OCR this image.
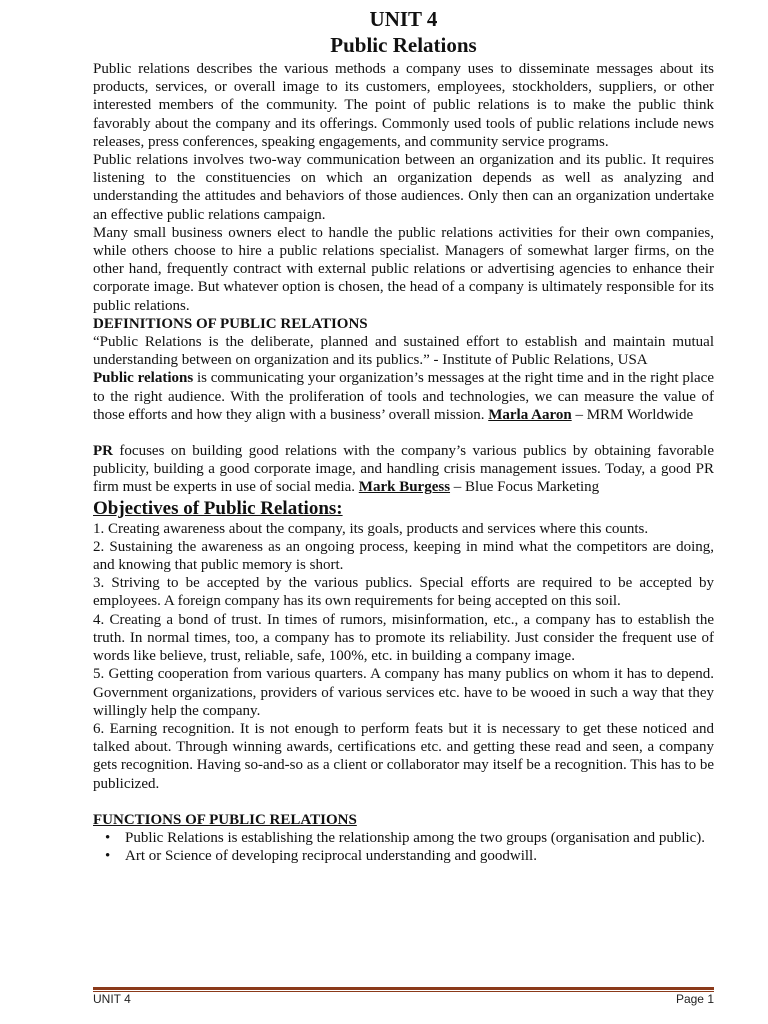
UNIT 4
Public Relations

Public relations describes the various methods a company uses to disseminate messages about its products, services, or overall image to its customers, employees, stockholders, suppliers, or other interested members of the community. The point of public relations is to make the public think favorably about the company and its offerings. Commonly used tools of public relations include news releases, press conferences, speaking engagements, and community service programs.

Public relations involves two-way communication between an organization and its public. It requires listening to the constituencies on which an organization depends as well as analyzing and understanding the attitudes and behaviors of those audiences. Only then can an organization undertake an effective public relations campaign.

Many small business owners elect to handle the public relations activities for their own companies, while others choose to hire a public relations specialist. Managers of somewhat larger firms, on the other hand, frequently contract with external public relations or advertising agencies to enhance their corporate image. But whatever option is chosen, the head of a company is ultimately responsible for its public relations.

DEFINITIONS OF PUBLIC RELATIONS

“Public Relations is the deliberate, planned and sustained effort to establish and maintain mutual understanding between on organization and its publics.” - Institute of Public Relations, USA

Public relations is communicating your organization’s messages at the right time and in the right place to the right audience. With the proliferation of tools and technologies, we can measure the value of those efforts and how they align with a business’ overall mission. Marla Aaron – MRM Worldwide

PR focuses on building good relations with the company’s various publics by obtaining favorable publicity, building a good corporate image, and handling crisis management issues. Today, a good PR firm must be experts in use of social media. Mark Burgess – Blue Focus Marketing

Objectives of Public Relations:

1. Creating awareness about the company, its goals, products and services where this counts.

2. Sustaining the awareness as an ongoing process, keeping in mind what the competitors are doing, and knowing that public memory is short.

3. Striving to be accepted by the various publics. Special efforts are required to be accepted by employees. A foreign company has its own requirements for being accepted on this soil.

4. Creating a bond of trust. In times of rumors, misinformation, etc., a company has to establish the truth. In normal times, too, a company has to promote its reliability. Just consider the frequent use of words like believe, trust, reliable, safe, 100%, etc. in building a company image.

5. Getting cooperation from various quarters. A company has many publics on whom it has to depend. Government organizations, providers of various services etc. have to be wooed in such a way that they willingly help the company.

6. Earning recognition. It is not enough to perform feats but it is necessary to get these noticed and talked about. Through winning awards, certifications etc. and getting these read and seen, a company gets recognition. Having so-and-so as a client or collaborator may itself be a recognition. This has to be publicized.

FUNCTIONS OF PUBLIC RELATIONS
• Public Relations is establishing the relationship among the two groups (organisation and public).
• Art or Science of developing reciprocal understanding and goodwill.
UNIT 4	Page 1
